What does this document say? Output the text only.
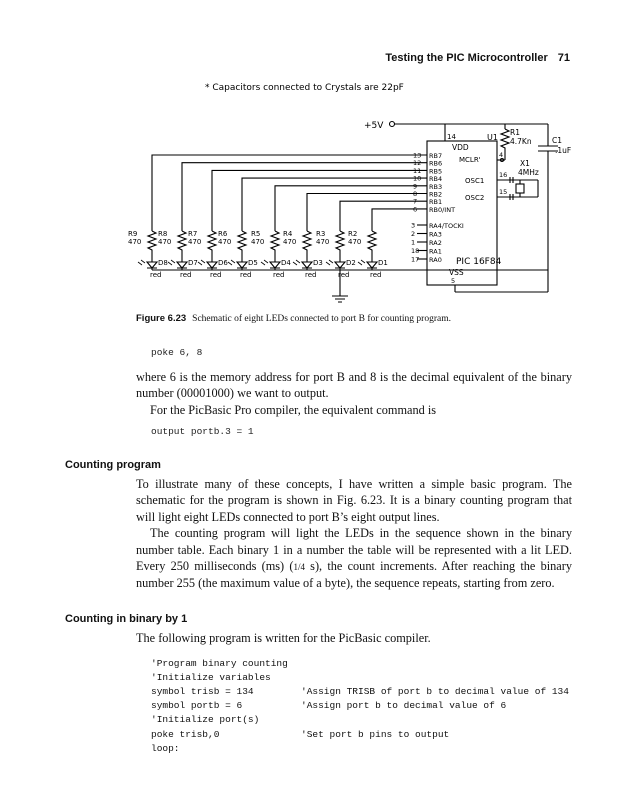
Testing the PIC Microcontroller 71
* Capacitors connected to Crystals are 22pF
U1
VDD
VSS
PIC 16F84
MCLR'
OSC1
OSC2
+5V
14	R1
4.7Kn
4
C1
.1uF
X1
4MHz
16
15
5
13 RB7
12 RB6
11 RB5
10 RB4
9 RB3
8 RB2
7 RB1
6 RB0/INT
3 RA4/TOCKI
2 RA3
1 RA2
18 RA1
17 RA0
R9
470
R8
470
R7
470
R6
470
R5
470
R4
470
R3
470
R2
470
D8
red
D7
red
D6
red
D5
red
D4
red
D3
red
D2
red
D1
red
Figure 6.23 Schematic of eight LEDs connected to port B for counting program.
poke 6, 8

where 6 is the memory address for port B and 8 is the decimal equivalent of the binary number (00001000) we want to output.

For the PicBasic Pro compiler, the equivalent command is

output portb.3 = 1
Counting program

To illustrate many of these concepts, I have written a simple basic program. The schematic for the program is shown in Fig. 6.23. It is a binary counting program that will light eight LEDs connected to port B’s eight output lines.

The counting program will light the LEDs in the sequence shown in the binary number table. Each binary 1 in a number the table will be represented with a lit LED. Every 250 milliseconds (ms) (1/4 s), the count increments. After reaching the binary number 255 (the maximum value of a byte), the sequence repeats, starting from zero.

Counting in binary by 1
The following program is written for the PicBasic compiler.
'Program binary counting
'Initialize variables
symbol trisb = 134	'Assign TRISB of port b to decimal value of 134
symbol portb = 6	'Assign port b to decimal value of 6
'Initialize port(s)
poke trisb,0	'Set port b pins to output
loop:
